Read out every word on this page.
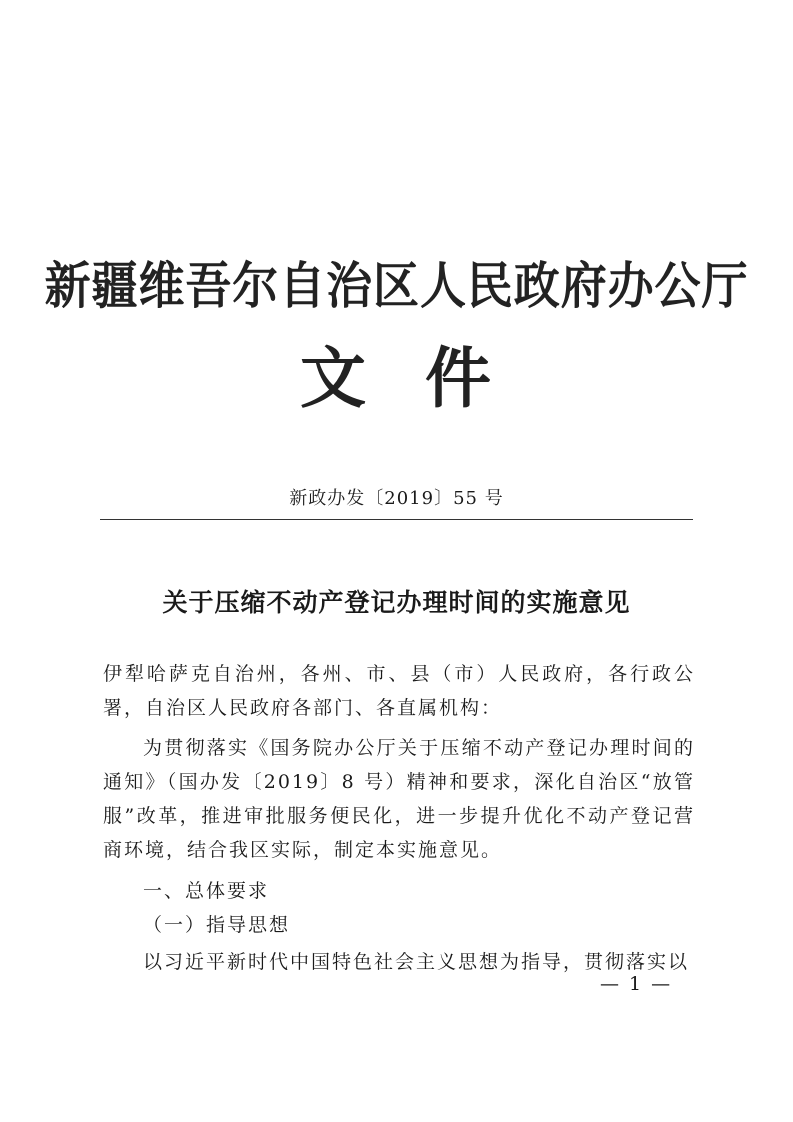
新疆维吾尔自治区人民政府办公厅
文 件
新政办发〔2019〕55 号
关于压缩不动产登记办理时间的实施意见
伊犁哈萨克自治州，各州、市、县（市）人民政府，各行政公署，自治区人民政府各部门、各直属机构：
为贯彻落实《国务院办公厅关于压缩不动产登记办理时间的通知》（国办发〔2019〕8 号）精神和要求，深化自治区“放管服”改革，推进审批服务便民化，进一步提升优化不动产登记营商环境，结合我区实际，制定本实施意见。
一、总体要求
（一）指导思想
以习近平新时代中国特色社会主义思想为指导，贯彻落实以
— 1 —
